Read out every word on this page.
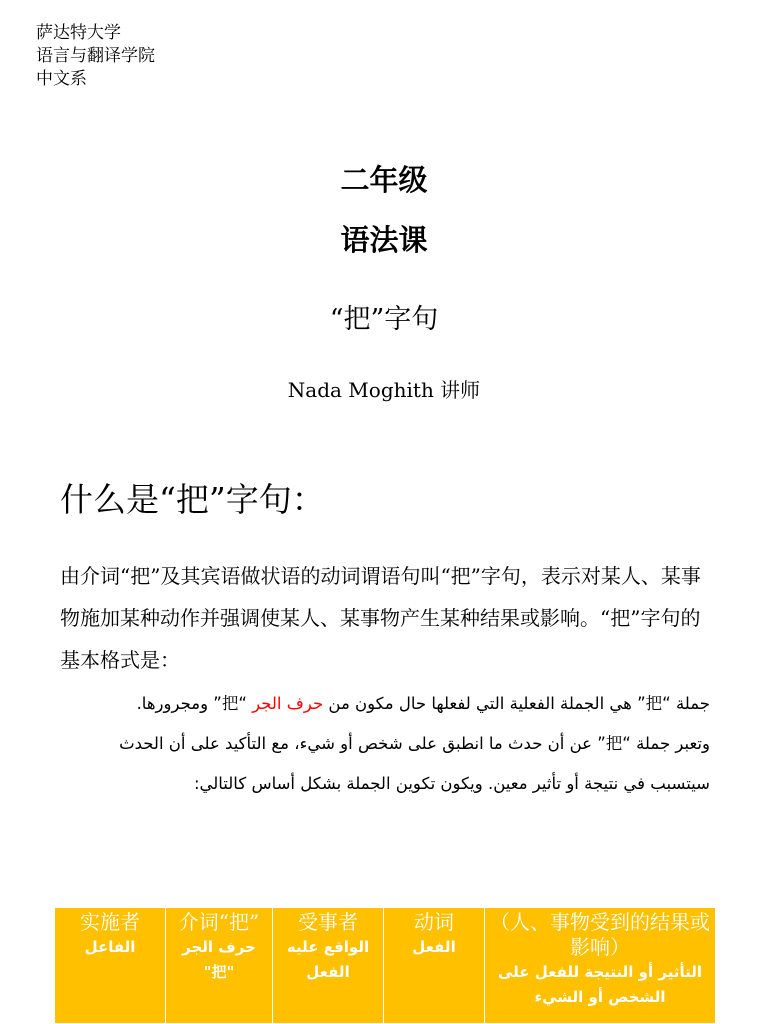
萨达特大学
语言与翻译学院
中文系
二年级
语法课
“把”字句
Nada Moghith 讲师
什么是“把”字句：
由介词“把”及其宾语做状语的动词谓语句叫“把”字句，表示对某人、某事物施加某种动作并强调使某人、某事物产生某种结果或影响。“把”字句的基本格式是：
جملة “把” هي الجملة الفعلية التي لفعلها حال مكون من حرف الجر “把” ومجرورها.
وتعبر جملة “把” عن أن حدث ما انطبق على شخص أو شيء، مع التأكيد على أن الحدث سيتسبب في نتيجة أو تأثير معين. ويكون تكوين الجملة بشكل أساس كالتالي:
实施者
الفاعل

介词“把”
حرف الجر "把"

受事者
الواقع عليه الفعل

动词
الفعل

（人、事物受到的结果或影响）
التأثير أو النتيجة للفعل على الشخص أو الشيء
